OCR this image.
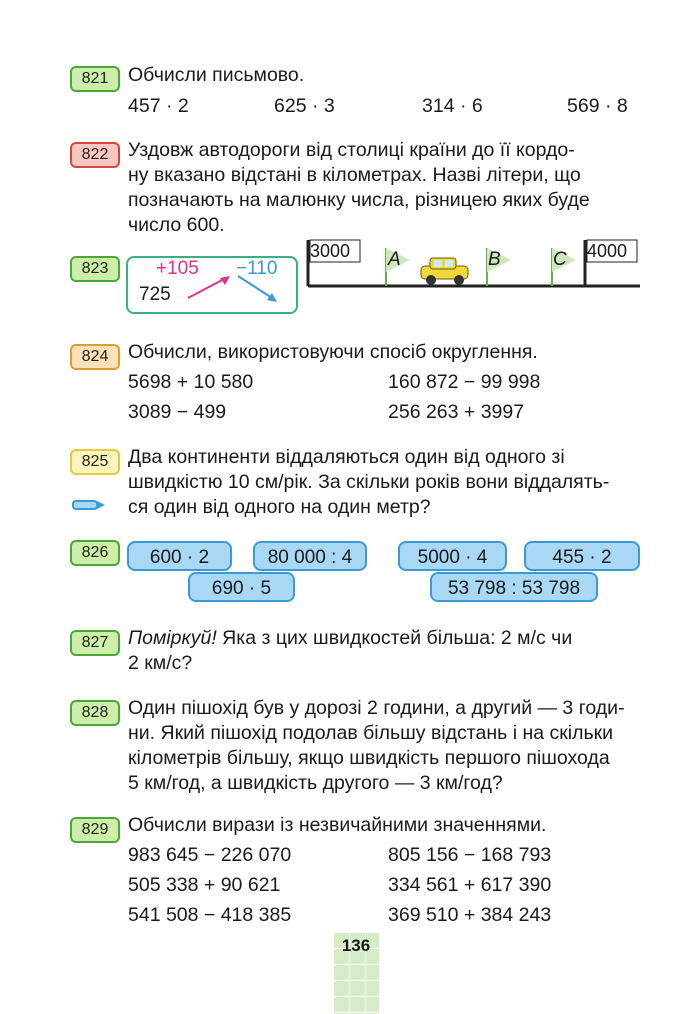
821	Обчисли письмово.
457 · 2	625 · 3	314 · 6	569 · 8
822	Уздовж автодороги від столиці країни до її кордо-
ну вказано відстані в кілометрах. Назві літери, що
позначають на малюнку числа, різницею яких буде
число 600.
823	+105 −110
725
3000	4000
A	B	C
824	Обчисли, використовуючи спосіб округлення.
5698 + 10 580	160 872 − 99 998
3089 − 499	256 263 + 3997
825	Два континенти віддаляються один від одного зі
швидкістю 10 см/рік. За скільки років вони віддалять-
ся один від одного на один метр?
826	600 · 2	80 000 : 4
690 · 5
5000 · 4	455 · 2
53 798 : 53 798
827	Поміркуй! Яка з цих швидкостей більша: 2 м/с чи
2 км/с?
828	Один пішохід був у дорозі 2 години, а другий — 3 годи-
ни. Який пішохід подолав більшу відстань і на скільки
кілометрів більшу, якщо швидкість першого пішохода
5 км/год, а швидкість другого — 3 км/год?
829	Обчисли вирази із незвичайними значеннями.
983 645 − 226 070	805 156 − 168 793
505 338 + 90 621	334 561 + 617 390
541 508 − 418 385	369 510 + 384 243
136
